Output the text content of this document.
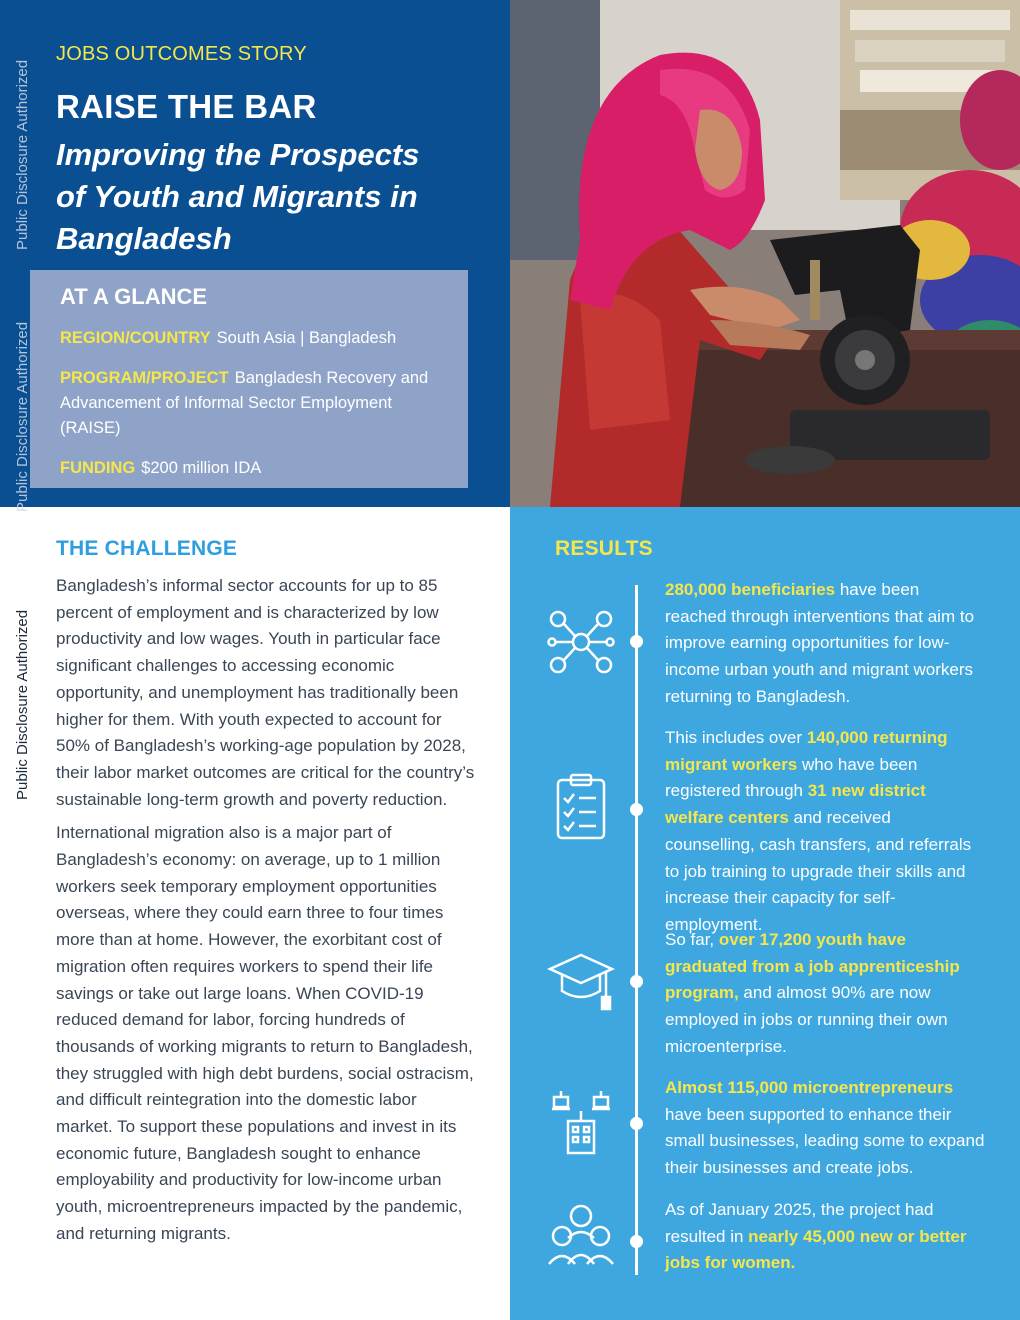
JOBS OUTCOMES STORY
RAISE THE BAR
Improving the Prospects of Youth and Migrants in Bangladesh
AT A GLANCE
REGION/COUNTRY South Asia | Bangladesh
PROGRAM/PROJECT Bangladesh Recovery and Advancement of Informal Sector Employment (RAISE)
FUNDING $200 million IDA
Public Disclosure Authorized
Public Disclosure Authorized
Public Disclosure Authorized
THE CHALLENGE

Bangladesh’s informal sector accounts for up to 85 percent of employment and is characterized by low productivity and low wages. Youth in particular face significant challenges to accessing economic opportunity, and unemployment has traditionally been higher for them. With youth expected to account for 50% of Bangladesh’s working-age population by 2028, their labor market outcomes are critical for the country’s sustainable long-term growth and poverty reduction.

International migration also is a major part of Bangladesh’s economy: on average, up to 1 million workers seek temporary employment opportunities overseas, where they could earn three to four times more than at home. However, the exorbitant cost of migration often requires workers to spend their life savings or take out large loans. When COVID-19 reduced demand for labor, forcing hundreds of thousands of working migrants to return to Bangladesh, they struggled with high debt burdens, social ostracism, and difficult reintegration into the domestic labor market. To support these populations and invest in its economic future, Bangladesh sought to enhance employability and productivity for low-income urban youth, microentrepreneurs impacted by the pandemic, and returning migrants.

RESULTS
280,000 beneficiaries have been reached through interventions that aim to improve earning opportunities for low-income urban youth and migrant workers returning to Bangladesh.
This includes over 140,000 returning migrant workers who have been registered through 31 new district welfare centers and received counselling, cash transfers, and referrals to job training to upgrade their skills and increase their capacity for self-employment.
So far, over 17,200 youth have graduated from a job apprenticeship program, and almost 90% are now employed in jobs or running their own microenterprise.
Almost 115,000 microentrepreneurs have been supported to enhance their small businesses, leading some to expand their businesses and create jobs.
As of January 2025, the project had resulted in nearly 45,000 new or better jobs for women.
